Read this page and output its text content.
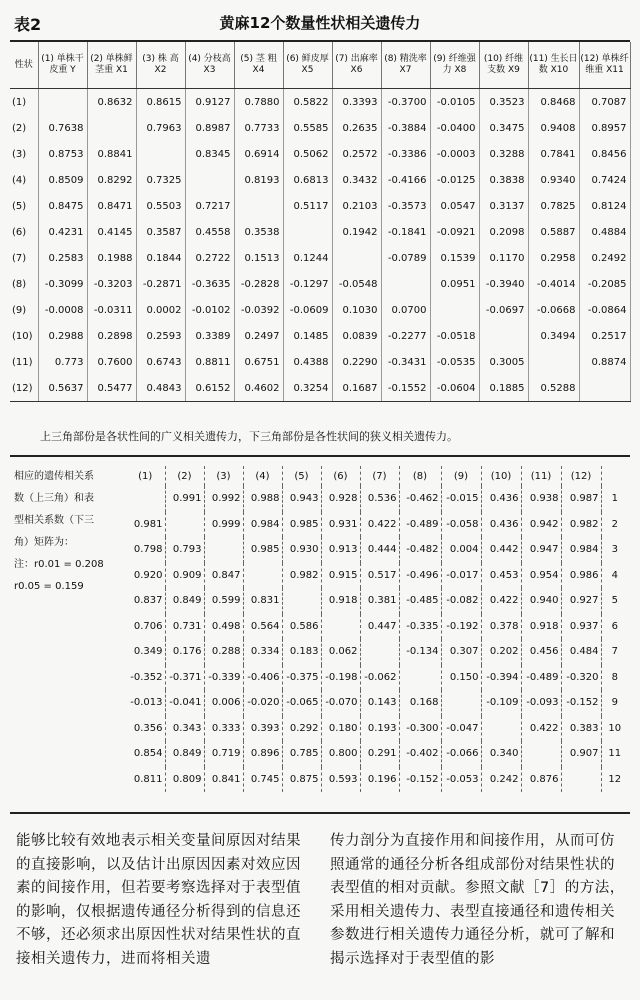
表2	黄麻12个数量性状相关遗传力
性状	(1) 单株干皮重 Y	(2) 单株鲜茎重 X1	(3) 株 高 X2	(4) 分枝高 X3	(5) 茎 粗 X4	(6) 鲜皮厚 X5	(7) 出麻率 X6	(8) 精洗率 X7	(9) 纤维强力 X8	(10) 纤维支数 X9	(11) 生长日数 X10	(12) 单株纤维重 X11
(1)		0.8632	0.8615	0.9127	0.7880	0.5822	0.3393	-0.3700	-0.0105	0.3523	0.8468	0.7087
(2)	0.7638		0.7963	0.8987	0.7733	0.5585	0.2635	-0.3884	-0.0400	0.3475	0.9408	0.8957
(3)	0.8753	0.8841		0.8345	0.6914	0.5062	0.2572	-0.3386	-0.0003	0.3288	0.7841	0.8456
(4)	0.8509	0.8292	0.7325		0.8193	0.6813	0.3432	-0.4166	-0.0125	0.3838	0.9340	0.7424
(5)	0.8475	0.8471	0.5503	0.7217		0.5117	0.2103	-0.3573	0.0547	0.3137	0.7825	0.8124
(6)	0.4231	0.4145	0.3587	0.4558	0.3538		0.1942	-0.1841	-0.0921	0.2098	0.5887	0.4884
(7)	0.2583	0.1988	0.1844	0.2722	0.1513	0.1244		-0.0789	0.1539	0.1170	0.2958	0.2492
(8)	-0.3099	-0.3203	-0.2871	-0.3635	-0.2828	-0.1297	-0.0548		0.0951	-0.3940	-0.4014	-0.2085
(9)	-0.0008	-0.0311	0.0002	-0.0102	-0.0392	-0.0609	0.1030	0.0700		-0.0697	-0.0668	-0.0864
(10)	0.2988	0.2898	0.2593	0.3389	0.2497	0.1485	0.0839	-0.2277	-0.0518		0.3494	0.2517
(11)	0.773	0.7600	0.6743	0.8811	0.6751	0.4388	0.2290	-0.3431	-0.0535	0.3005		0.8874
(12)	0.5637	0.5477	0.4843	0.6152	0.4602	0.3254	0.1687	-0.1552	-0.0604	0.1885	0.5288	
上三角部份是各状性间的广义相关遗传力，下三角部份是各性状间的狭义相关遗传力。
相应的遗传相关系
数（上三角）和表
型相关系数（下三
角）矩阵为：
注：r0.01 = 0.208
r0.05 = 0.159
(1)	(2)	(3)	(4)	(5)	(6)	(7)	(8)	(9)	(10)	(11)	(12)	
	0.991	0.992	0.988	0.943	0.928	0.536	-0.462	-0.015	0.436	0.938	0.987	1
0.981		0.999	0.984	0.985	0.931	0.422	-0.489	-0.058	0.436	0.942	0.982	2
0.798	0.793		0.985	0.930	0.913	0.444	-0.482	0.004	0.442	0.947	0.984	3
0.920	0.909	0.847		0.982	0.915	0.517	-0.496	-0.017	0.453	0.954	0.986	4
0.837	0.849	0.599	0.831		0.918	0.381	-0.485	-0.082	0.422	0.940	0.927	5
0.706	0.731	0.498	0.564	0.586		0.447	-0.335	-0.192	0.378	0.918	0.937	6
0.349	0.176	0.288	0.334	0.183	0.062		-0.134	0.307	0.202	0.456	0.484	7
-0.352	-0.371	-0.339	-0.406	-0.375	-0.198	-0.062		0.150	-0.394	-0.489	-0.320	8
-0.013	-0.041	0.006	-0.020	-0.065	-0.070	0.143	0.168		-0.109	-0.093	-0.152	9
0.356	0.343	0.333	0.393	0.292	0.180	0.193	-0.300	-0.047		0.422	0.383	10
0.854	0.849	0.719	0.896	0.785	0.800	0.291	-0.402	-0.066	0.340		0.907	11
0.811	0.809	0.841	0.745	0.875	0.593	0.196	-0.152	-0.053	0.242	0.876		12
能够比较有效地表示相关变量间原因对结果的直接影响，以及估计出原因因素对效应因素的间接作用，但若要考察选择对于表型值的影响，仅根据遗传通径分析得到的信息还不够，还必须求出原因性状对结果性状的直接相关遗传力，进而将相关遗
传力剖分为直接作用和间接作用，从而可仿照通常的通径分析各组成部份对结果性状的表型值的相对贡献。参照文献［7］的方法，采用相关遗传力、表型直接通径和遗传相关参数进行相关遗传力通径分析，就可了解和揭示选择对于表型值的影
